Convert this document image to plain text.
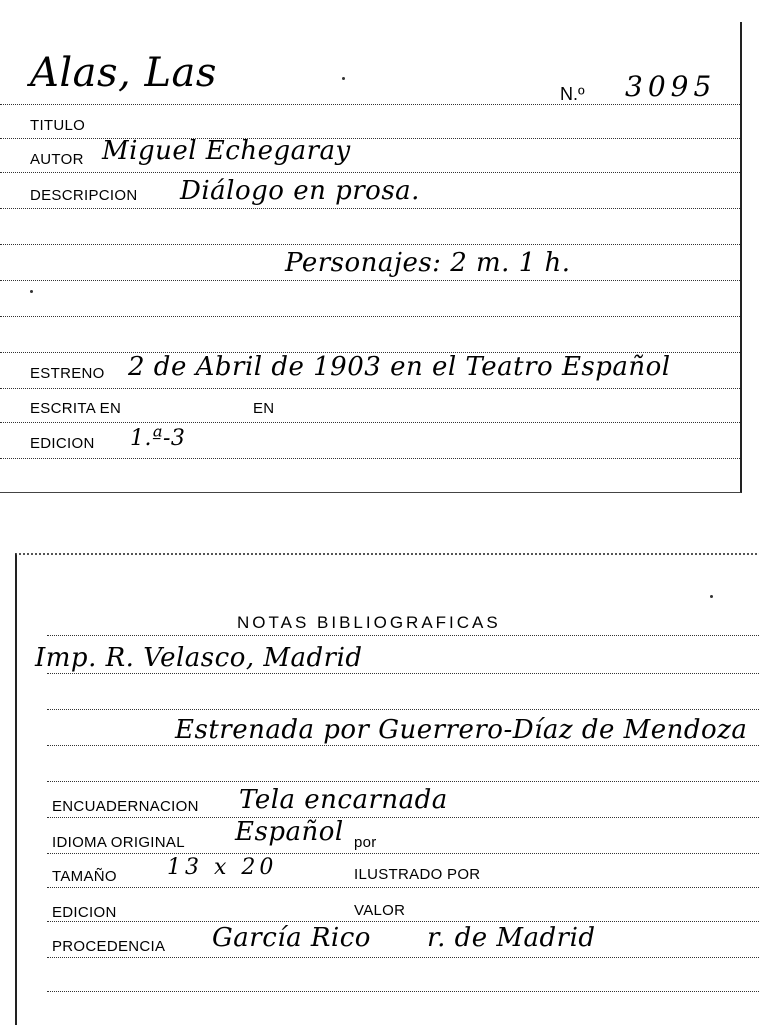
Alas, Las	N.º 3095
TITULO
AUTOR Miguel Echegaray
DESCRIPCION Diálogo en prosa.
Personajes: 2 m. 1 h.
ESTRENO 2 de Abril de 1903 en el Teatro Español
ESCRITA EN	EN
EDICION 1.ª-3
NOTAS BIBLIOGRAFICAS
Imp. R. Velasco, Madrid
Estrenada por Guerrero-Díaz de Mendoza
ENCUADERNACION Tela encarnada
IDIOMA ORIGINAL Español por
TAMAÑO 13 x 20	ILUSTRADO POR
EDICION	VALOR
PROCEDENCIA García Rico r. de Madrid
